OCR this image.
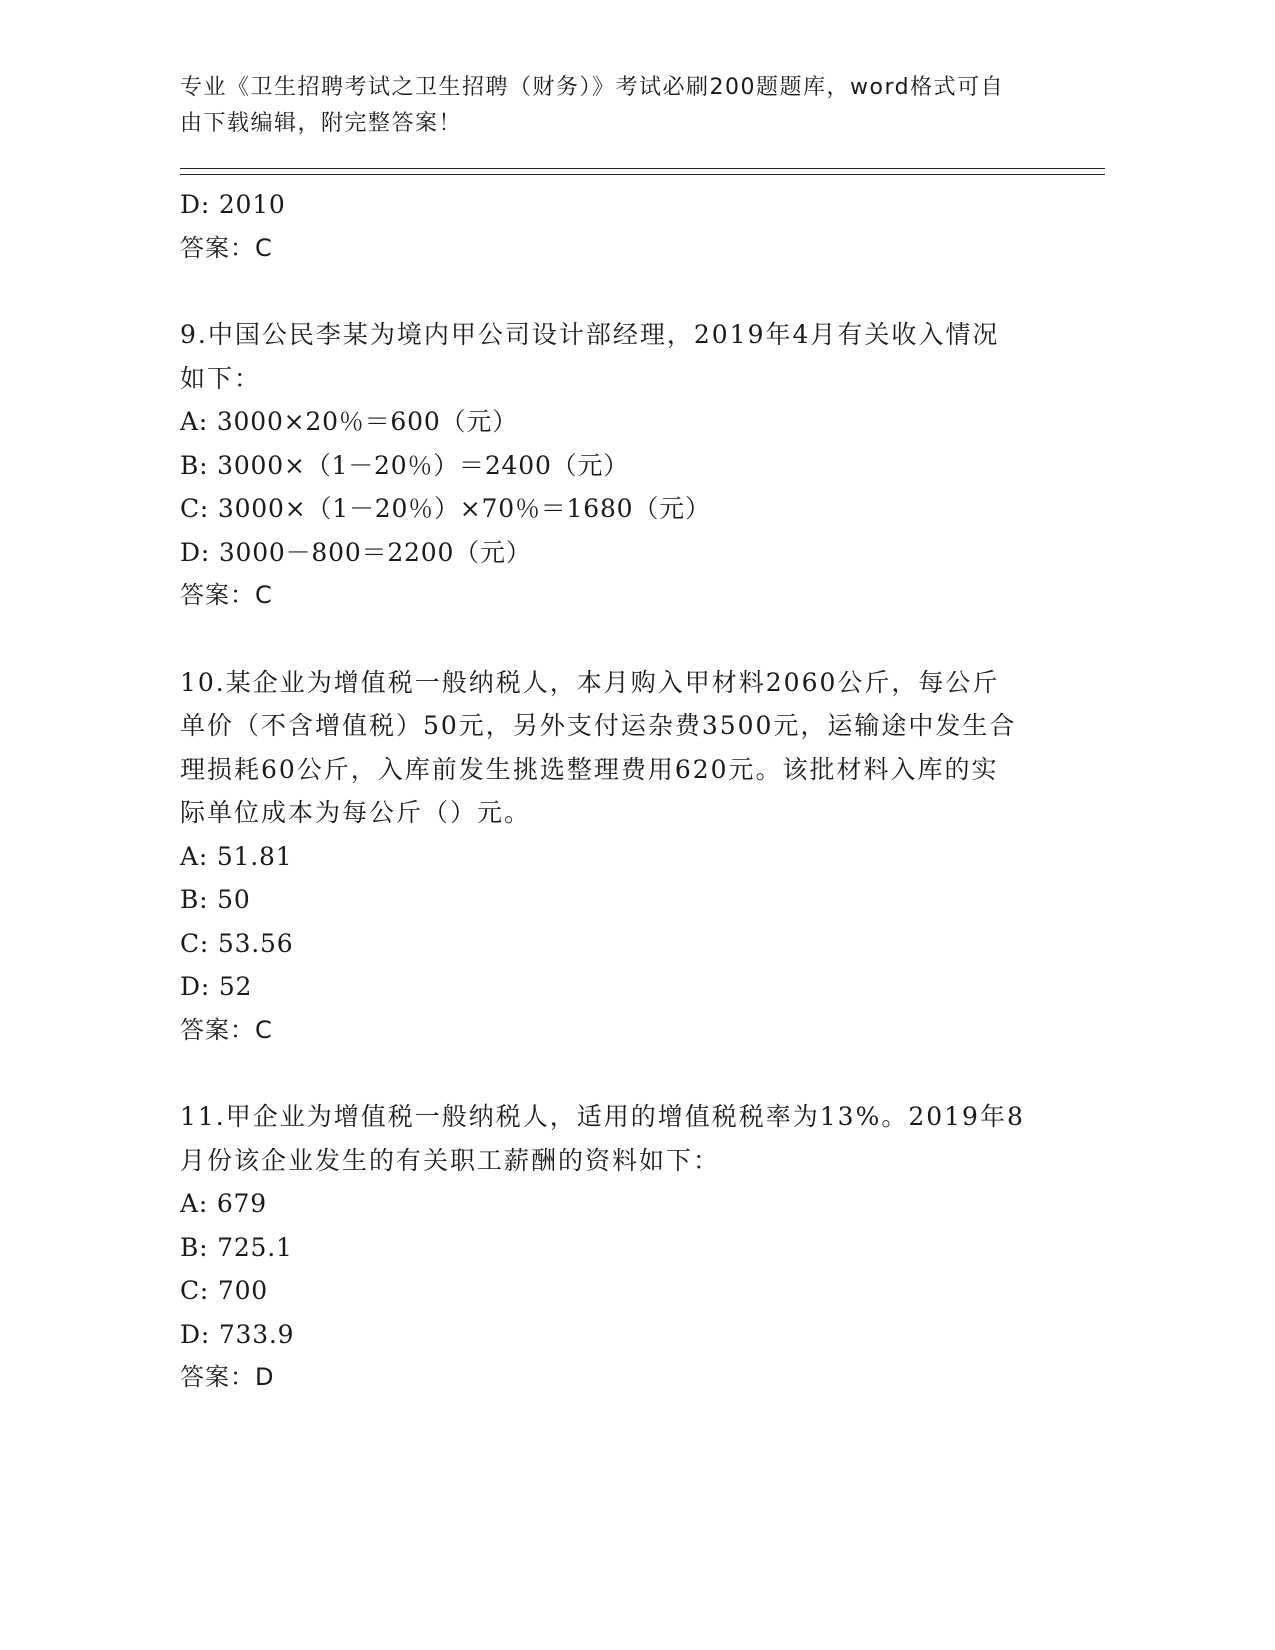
专业《卫生招聘考试之卫生招聘（财务）》考试必刷200题题库，word格式可自
由下载编辑，附完整答案！
D: 2010
答案：C
9.中国公民李某为境内甲公司设计部经理，2019年4月有关收入情况
如下：
A: 3000×20％＝600（元）
B: 3000×（1－20％）＝2400（元）
C: 3000×（1－20％）×70％＝1680（元）
D: 3000－800＝2200（元）
答案：C
10.某企业为增值税一般纳税人，本月购入甲材料2060公斤，每公斤
单价（不含增值税）50元，另外支付运杂费3500元，运输途中发生合
理损耗60公斤，入库前发生挑选整理费用620元。该批材料入库的实
际单位成本为每公斤（）元。
A: 51.81
B: 50
C: 53.56
D: 52
答案：C
11.甲企业为增值税一般纳税人，适用的增值税税率为13%。2019年8
月份该企业发生的有关职工薪酬的资料如下：
A: 679
B: 725.1
C: 700
D: 733.9
答案：D
